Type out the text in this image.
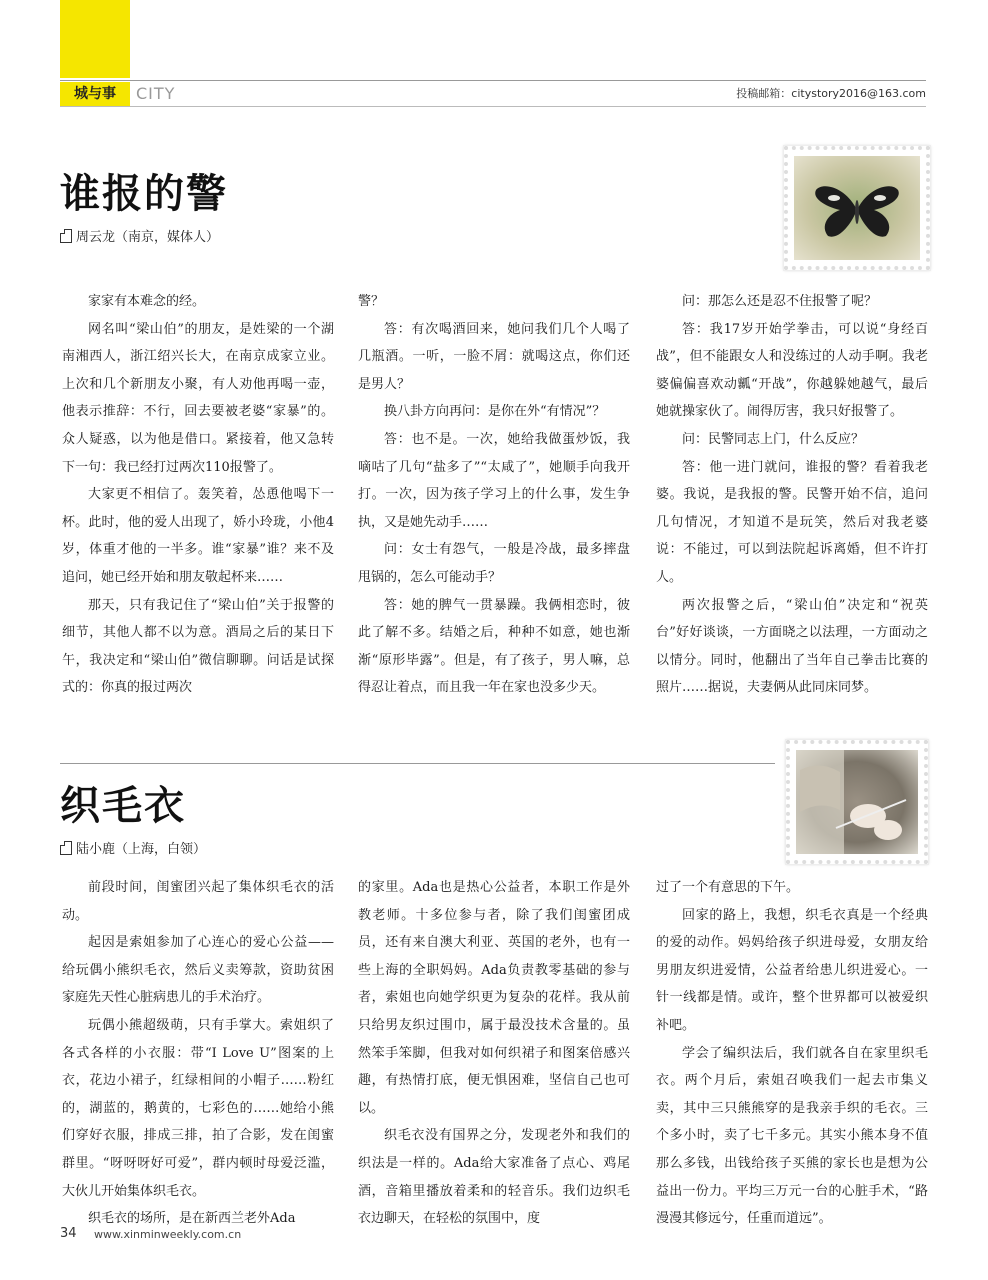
城与事	CITY	投稿邮箱：citystory2016@163.com
谁报的警
周云龙（南京，媒体人）

家家有本难念的经。

网名叫“梁山伯”的朋友，是姓梁的一个湖南湘西人，浙江绍兴长大，在南京成家立业。上次和几个新朋友小聚，有人劝他再喝一壶，他表示推辞：不行，回去要被老婆“家暴”的。众人疑惑，以为他是借口。紧接着，他又急转下一句：我已经打过两次110报警了。

大家更不相信了。轰笑着，怂恿他喝下一杯。此时，他的爱人出现了，娇小玲珑，小他4岁，体重才他的一半多。谁“家暴”谁？来不及追问，她已经开始和朋友敬起杯来……

那天，只有我记住了“梁山伯”关于报警的细节，其他人都不以为意。酒局之后的某日下午，我决定和“梁山伯”微信聊聊。问话是试探式的：你真的报过两次

警？

答：有次喝酒回来，她问我们几个人喝了几瓶酒。一听，一脸不屑：就喝这点，你们还是男人？

换八卦方向再问：是你在外“有情况”？

答：也不是。一次，她给我做蛋炒饭，我嘀咕了几句“盐多了”“太咸了”，她顺手向我开打。一次，因为孩子学习上的什么事，发生争执，又是她先动手……

问：女士有怨气，一般是冷战，最多摔盘甩锅的，怎么可能动手？

答：她的脾气一贯暴躁。我俩相恋时，彼此了解不多。结婚之后，种种不如意，她也渐渐“原形毕露”。但是，有了孩子，男人嘛，总得忍让着点，而且我一年在家也没多少天。

问：那怎么还是忍不住报警了呢？

答：我17岁开始学拳击，可以说“身经百战”，但不能跟女人和没练过的人动手啊。我老婆偏偏喜欢动瓤“开战”，你越躲她越气，最后她就操家伙了。闹得厉害，我只好报警了。

问：民警同志上门，什么反应？

答：他一进门就问，谁报的警？看着我老婆。我说，是我报的警。民警开始不信，追问几句情况，才知道不是玩笑，然后对我老婆说：不能过，可以到法院起诉离婚，但不许打人。

两次报警之后，“梁山伯”决定和“祝英台”好好谈谈，一方面晓之以法理，一方面动之以情分。同时，他翻出了当年自己拳击比赛的照片……据说，夫妻俩从此同床同梦。

织毛衣
陆小鹿（上海，白领）

前段时间，闺蜜团兴起了集体织毛衣的活动。

起因是索姐参加了心连心的爱心公益——给玩偶小熊织毛衣，然后义卖筹款，资助贫困家庭先天性心脏病患儿的手术治疗。

玩偶小熊超级萌，只有手掌大。索姐织了各式各样的小衣服：带“I Love U”图案的上衣，花边小裙子，红绿相间的小帽子……粉红的，湖蓝的，鹅黄的，七彩色的……她给小熊们穿好衣服，排成三排，拍了合影，发在闺蜜群里。“呀呀呀好可爱”，群内顿时母爱泛滥，大伙儿开始集体织毛衣。

织毛衣的场所，是在新西兰老外Ada

的家里。Ada也是热心公益者，本职工作是外教老师。十多位参与者，除了我们闺蜜团成员，还有来自澳大利亚、英国的老外，也有一些上海的全职妈妈。Ada负责教零基础的参与者，索姐也向她学织更为复杂的花样。我从前只给男友织过围巾，属于最没技术含量的。虽然笨手笨脚，但我对如何织裙子和图案倍感兴趣，有热情打底，便无惧困难，坚信自己也可以。

织毛衣没有国界之分，发现老外和我们的织法是一样的。Ada给大家准备了点心、鸡尾酒，音箱里播放着柔和的轻音乐。我们边织毛衣边聊天，在轻松的氛围中，度

过了一个有意思的下午。

回家的路上，我想，织毛衣真是一个经典的爱的动作。妈妈给孩子织进母爱，女朋友给男朋友织进爱情，公益者给患儿织进爱心。一针一线都是情。或许，整个世界都可以被爱织补吧。

学会了编织法后，我们就各自在家里织毛衣。两个月后，索姐召唤我们一起去市集义卖，其中三只熊熊穿的是我亲手织的毛衣。三个多小时，卖了七千多元。其实小熊本身不值那么多钱，出钱给孩子买熊的家长也是想为公益出一份力。平均三万元一台的心脏手术，“路漫漫其修远兮，任重而道远”。

34 www.xinminweekly.com.cn
